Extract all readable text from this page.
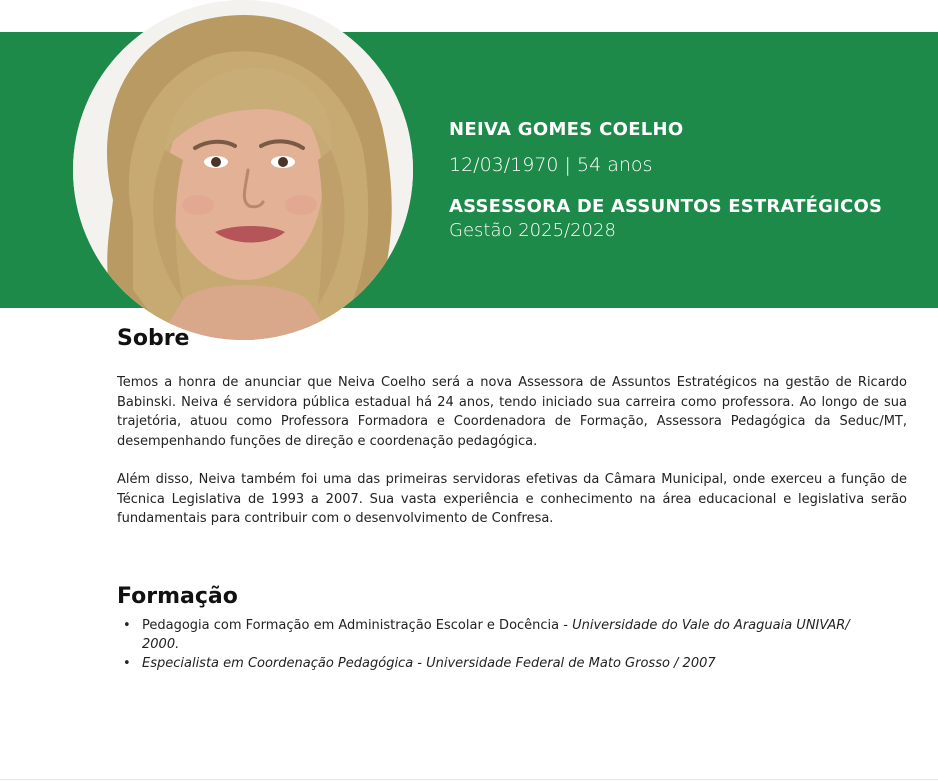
NEIVA GOMES COELHO
12/03/1970 | 54 anos
ASSESSORA DE ASSUNTOS ESTRATÉGICOS
Gestão 2025/2028
Sobre

Temos a honra de anunciar que Neiva Coelho será a nova Assessora de Assuntos Estratégicos na gestão de Ricardo Babinski. Neiva é servidora pública estadual há 24 anos, tendo iniciado sua carreira como professora. Ao longo de sua trajetória, atuou como Professora Formadora e Coordenadora de Formação, Assessora Pedagógica da Seduc/MT, desempenhando funções de direção e coordenação pedagógica.

Além disso, Neiva também foi uma das primeiras servidoras efetivas da Câmara Municipal, onde exerceu a função de Técnica Legislativa de 1993 a 2007. Sua vasta experiência e conhecimento na área educacional e legislativa serão fundamentais para contribuir com o desenvolvimento de Confresa.

Formação
• Pedagogia com Formação em Administração Escolar e Docência - Universidade do Vale do Araguaia UNIVAR/ 2000.
• Especialista em Coordenação Pedagógica - Universidade Federal de Mato Grosso / 2007
